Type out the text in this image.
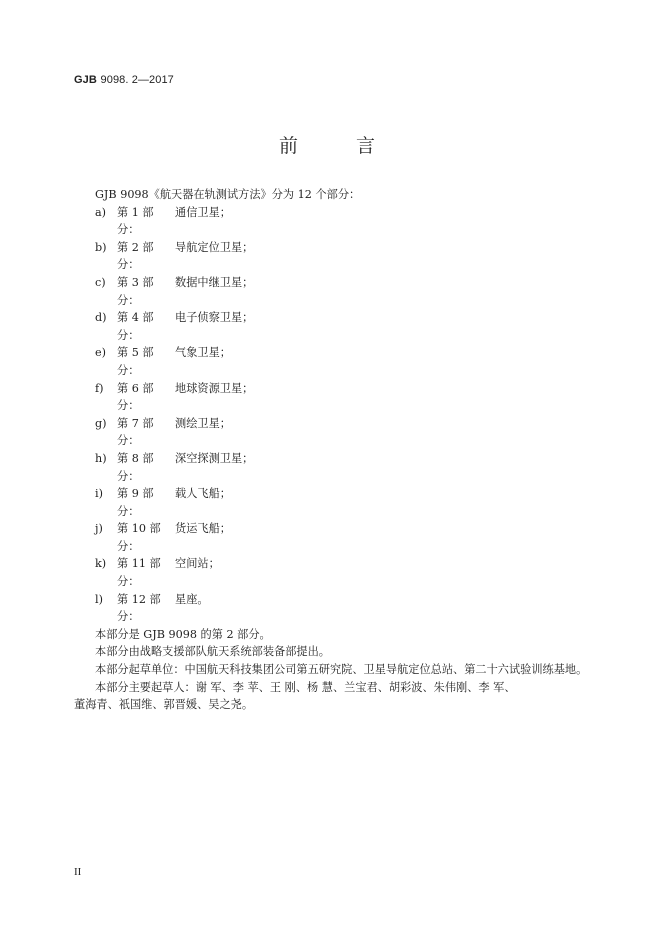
GJB 9098. 2—2017
前 言

GJB 9098《航天器在轨测试方法》分为 12 个部分：

a) 第 1 部分：
通信卫星；
b) 第 2 部分：
导航定位卫星；
c)	第 3 部分：
数据中继卫星；
d) 第 4 部分：
电子侦察卫星；
e) 第 5 部分：
气象卫星；
f)	第 6 部分：
地球资源卫星；
g) 第 7 部分：
测绘卫星；
h) 第 8 部分：
深空探测卫星；
i)	第 9 部分：
载人飞船；
j)	第 10 部分：
货运飞船；
k) 第 11 部分：
空间站；
l)	第 12 部分：
星座。

本部分是 GJB 9098 的第 2 部分。

本部分由战略支援部队航天系统部装备部提出。

本部分起草单位：中国航天科技集团公司第五研究院、卫星导航定位总站、第二十六试验训练基地。

本部分主要起草人：谢 军、李 苹、王 刚、杨 慧、兰宝君、胡彩波、朱伟刚、李 军、
董海青、祇国维、郭晋媛、吴之尧。

II
